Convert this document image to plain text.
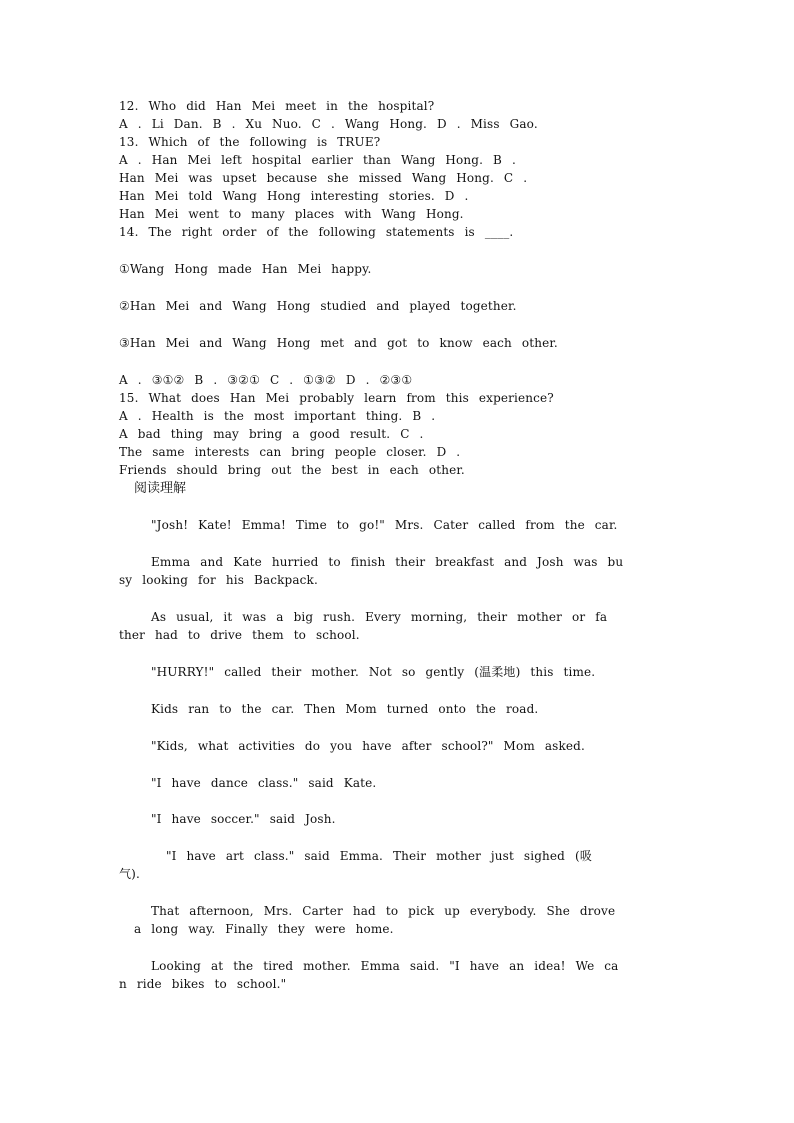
12. Who did Han Mei meet in the hospital?
A . Li Dan. B . Xu Nuo. C . Wang Hong. D . Miss Gao.
13. Which of the following is TRUE?
A . Han Mei left hospital earlier than Wang Hong. B .
Han Mei was upset because she missed Wang Hong. C .
Han Mei told Wang Hong interesting stories. D .
Han Mei went to many places with Wang Hong.
14. The right order of the following statements is ____.
①Wang Hong made Han Mei happy.
②Han Mei and Wang Hong studied and played together.
③Han Mei and Wang Hong met and got to know each other.
A . ③①② B . ③②① C . ①③② D . ②③①
15. What does Han Mei probably learn from this experience?
A . Health is the most important thing. B .
A bad thing may bring a good result. C .
The same interests can bring people closer. D .
Friends should bring out the best in each other.
阅读理解
"Josh! Kate! Emma! Time to go!" Mrs. Cater called from the car.
Emma and Kate hurried to finish their breakfast and Josh was bu
sy looking for his Backpack.
As usual, it was a big rush. Every morning, their mother or fa
ther had to drive them to school.
"HURRY!" called their mother. Not so gently (温柔地) this time.
Kids ran to the car. Then Mom turned onto the road.
"Kids, what activities do you have after school?" Mom asked.
"I have dance class." said Kate.
"I have soccer." said Josh.
"I have art class." said Emma. Their mother just sighed (吸
气).
That afternoon, Mrs. Carter had to pick up everybody. She drove
a long way. Finally they were home.
Looking at the tired mother. Emma said. "I have an idea! We ca
n ride bikes to school."
